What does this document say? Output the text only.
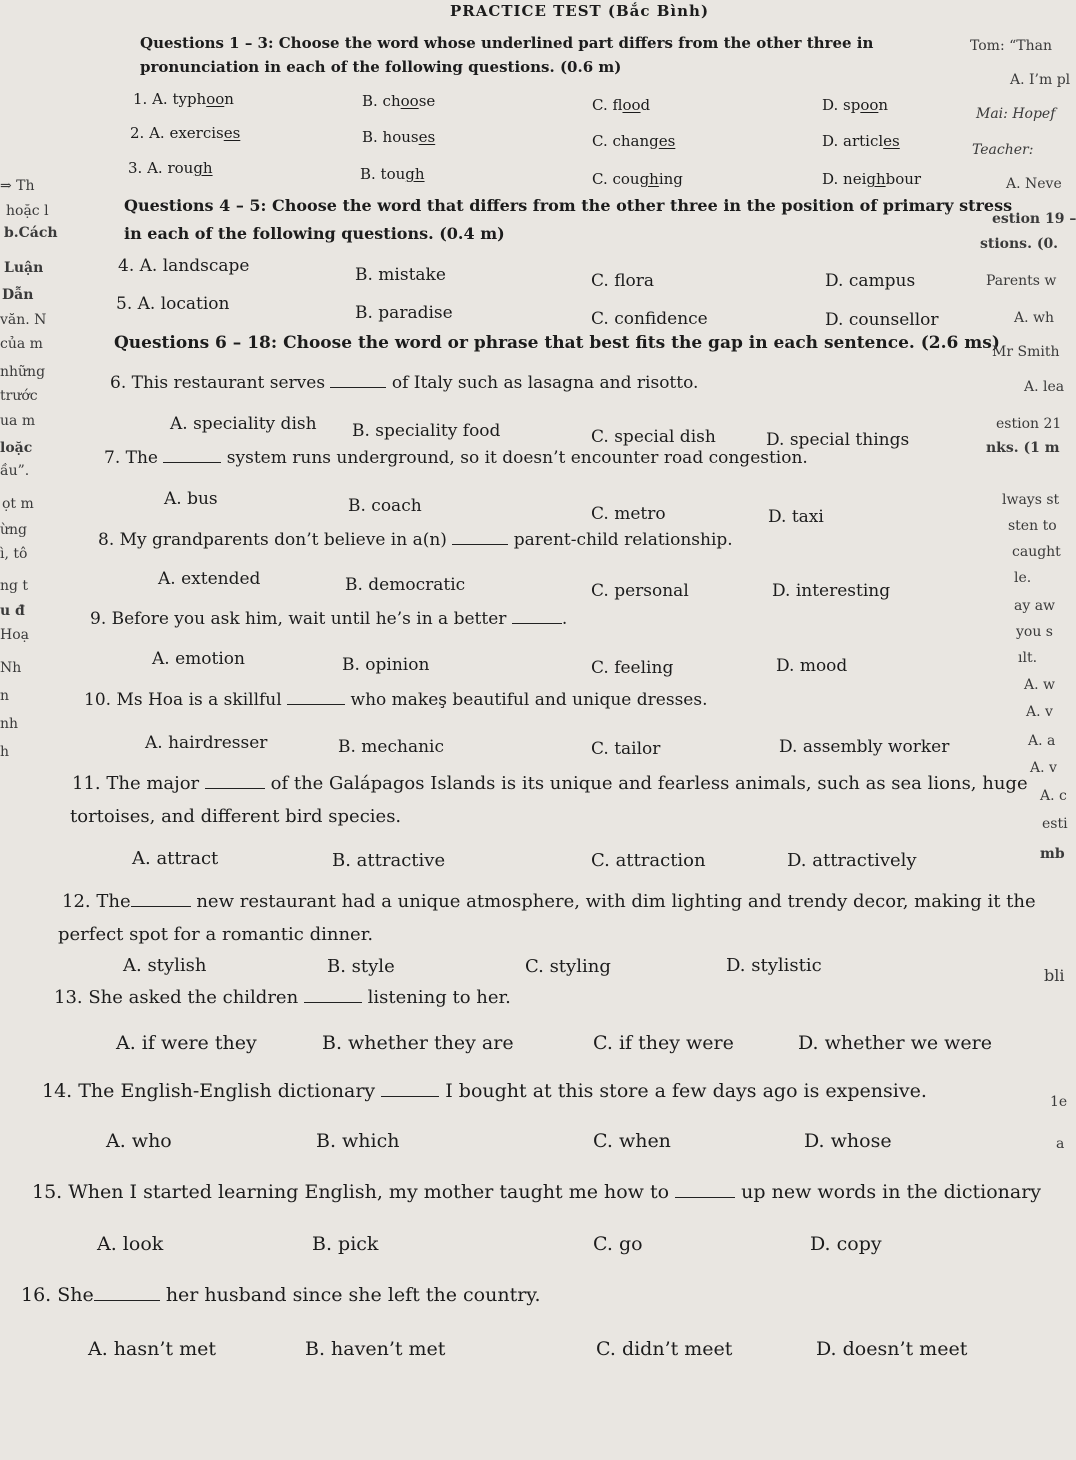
PRACTICE TEST (Bắc Bình)
Questions 1 – 3: Choose the word whose underlined part differs from the other three in
pronunciation in each of the following questions. (0.6 m)
1. A. typhoon	B. choose	C. flood	D. spoon
2. A. exercises	B. houses	C. changes	D. articles
3. A. rough	B. tough	C. coughing	D. neighbour
Questions 4 – 5: Choose the word that differs from the other three in the position of primary stress
in each of the following questions. (0.4 m)
4. A. landscape	B. mistake	C. flora	D. campus
5. A. location	B. paradise	C. confidence	D. counsellor
Questions 6 – 18: Choose the word or phrase that best fits the gap in each sentence. (2.6 ms)
6. This restaurant serves	of Italy such as lasagna and risotto.
A. speciality dish B. speciality food	C. special dish	D. special things
7. The	system runs underground, so it doesn’t encounter road congestion.
A. bus	B. coach	C. metro	D. taxi
8. My grandparents don’t believe in a(n)	parent-child relationship.
A. extended	B. democratic	C. personal	D. interesting
9. Before you ask him, wait until he’s in a better	.
A. emotion	B. opinion	C. feeling	D. mood
10. Ms Hoa is a skillful	who makeş beautiful and unique dresses.
A. hairdresser	B. mechanic	C. tailor	D. assembly worker
11. The major	of the Galápagos Islands is its unique and fearless animals, such as sea lions, huge
tortoises, and different bird species.
A. attract	B. attractive	C. attraction	D. attractively
12. The	new restaurant had a unique atmosphere, with dim lighting and trendy decor, making it the
perfect spot for a romantic dinner.
A. stylish	B. style	C. styling	D. stylistic
13. She asked the children	listening to her.
A. if were they	B. whether they are	C. if they were	D. whether we were
14. The English-English dictionary	I bought at this store a few days ago is expensive.
A. who	B. which	C. when	D. whose
15. When I started learning English, my mother taught me how to	up new words in the dictionary
A. look	B. pick	C. go	D. copy
16. She	her husband since she left the country.
A. hasn’t met	B. haven’t met	C. didn’t meet	D. doesn’t meet
Tom: “Than
A. I’m pl
Mai: Hopef
Teacher:
A. Neve
estion 19 –
stions. (0.
Parents w
A. wh
Mr Smith
A. lea
estion 21
nks. (1 m
lways st
sten to
caught
le.
ay aw
you s
ılt.
A. w
A. v
A. a
A. v
A. c
esti
mb
bli
1e
a
⇒ Th
hoặc l
b.Cách
Luận
Dẫn
văn. N
của m
những
trước
ua m
loặc
ầu”.
ọt m
ừng
ì, tô
ng t
u đ
Hoạ
Nh
n
nh
h
